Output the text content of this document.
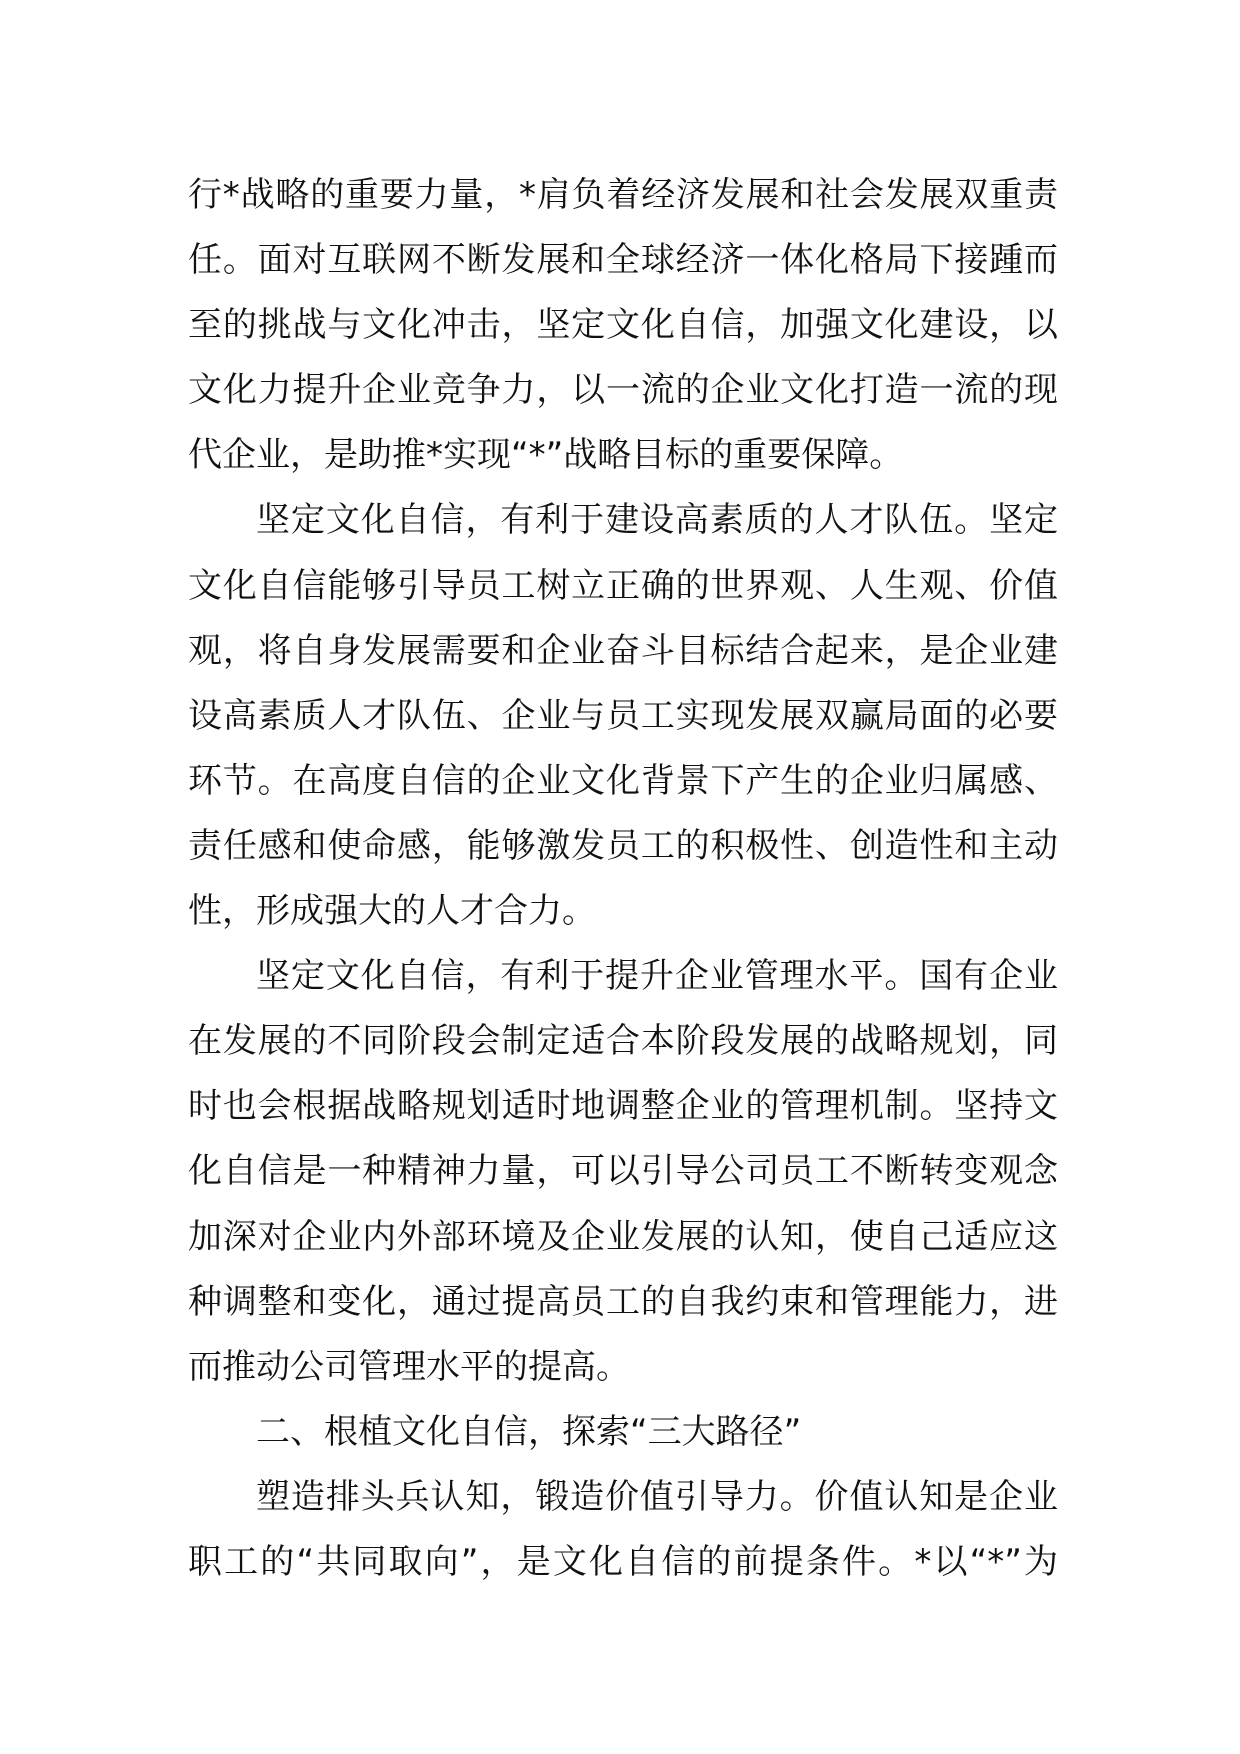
行*战略的重要力量，*肩负着经济发展和社会发展双重责
任。面对互联网不断发展和全球经济一体化格局下接踵而
至的挑战与文化冲击，坚定文化自信，加强文化建设，以
文化力提升企业竞争力，以一流的企业文化打造一流的现
代企业，是助推*实现“*”战略目标的重要保障。
坚定文化自信，有利于建设高素质的人才队伍。坚定
文化自信能够引导员工树立正确的世界观、人生观、价值
观，将自身发展需要和企业奋斗目标结合起来，是企业建
设高素质人才队伍、企业与员工实现发展双赢局面的必要
环节。在高度自信的企业文化背景下产生的企业归属感、
责任感和使命感，能够激发员工的积极性、创造性和主动
性，形成强大的人才合力。
坚定文化自信，有利于提升企业管理水平。国有企业
在发展的不同阶段会制定适合本阶段发展的战略规划，同
时也会根据战略规划适时地调整企业的管理机制。坚持文
化自信是一种精神力量，可以引导公司员工不断转变观念
加深对企业内外部环境及企业发展的认知，使自己适应这
种调整和变化，通过提高员工的自我约束和管理能力，进
而推动公司管理水平的提高。
二、根植文化自信，探索“三大路径”
塑造排头兵认知，锻造价值引导力。价值认知是企业
职工的“共同取向”，是文化自信的前提条件。*以“*”为
